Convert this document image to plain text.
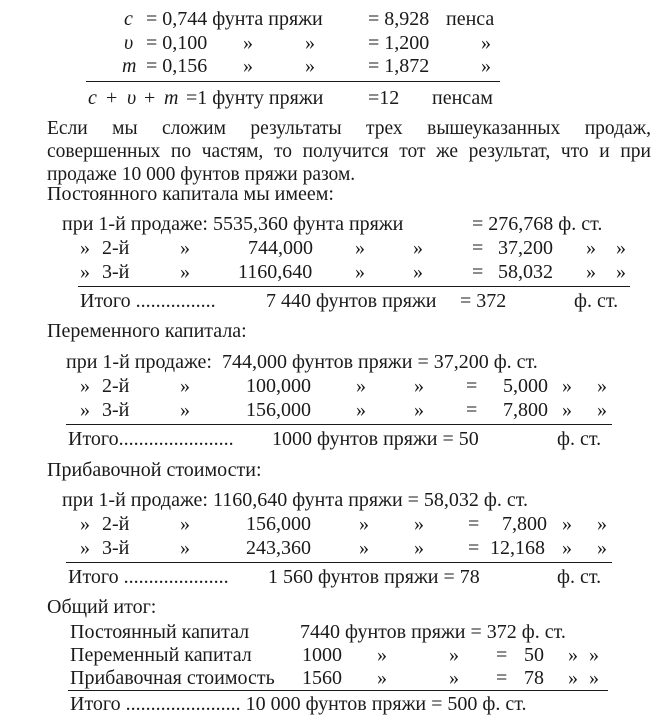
c = 0,744 фунта пряжи = 8,928 пенса
υ = 0,100 »	»	= 1,200	»
m = 0,156 »	»	= 1,872	»
c + υ + m =1 фунту пряжи =12 пенсам
Если мы сложим результаты трех вышеуказанных продаж, совершенных по частям, то получится тот же результат, что и при продаже 10 000 фунтов пряжи разом.
Постоянного капитала мы имеем:
при 1-й продаже: 5535,360 фунта пряжи	= 276,768 ф. ст.
» 2-й	»	744,000 » » = 37,200 » »
» 3-й	» 1160,640 » » = 58,032 » »
Итого ................	7 440 фунтов пряжи = 372	ф. ст.
Переменного капитала:
при 1-й продаже:  744,000 фунтов пряжи = 37,200 ф. ст.
» 2-й	»	100,000 » » = 5,000 » »
» 3-й	»	156,000 » » = 7,800 » »
Итого....................... 1000 фунтов пряжи = 50	ф. ст.
Прибавочной стоимости:
при 1-й продаже: 1160,640 фунта пряжи = 58,032 ф. ст.
» 2-й	»	156,000 » » = 7,800 » »
» 3-й	»	243,360 » » = 12,168 » »
Итого ..................... 1 560 фунтов пряжи = 78	ф. ст.
Общий итог:
Постоянный капитал	7440 фунтов пряжи = 372 ф. ст.
Переменный капитал	1000 »	» = 50 » »
Прибавочная стоимость 1560 »	» = 78 » »
Итого ....................... 10 000 фунтов пряжи = 500 ф. ст.
